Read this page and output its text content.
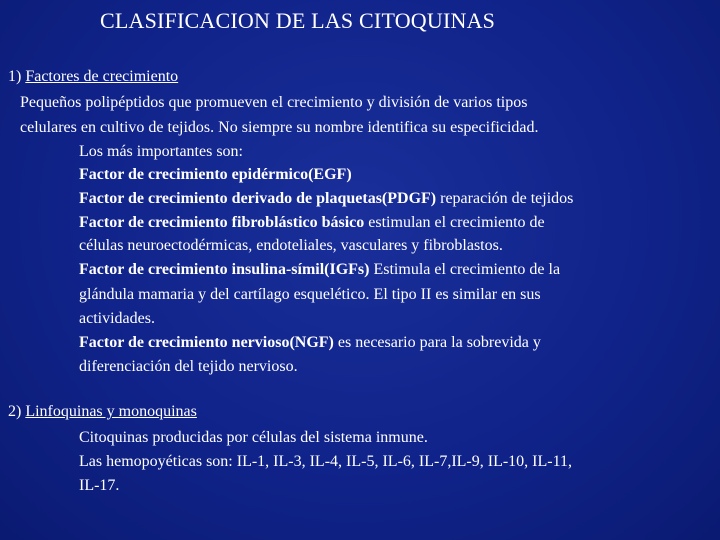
CLASIFICACION DE LAS CITOQUINAS
1) Factores de crecimiento
Pequeños polipéptidos que promueven el crecimiento y división de varios tipos
celulares en cultivo de tejidos. No siempre su nombre identifica su especificidad.
Los más importantes son:
Factor de crecimiento epidérmico(EGF)
Factor de crecimiento derivado de plaquetas(PDGF) reparación de tejidos
Factor de crecimiento fibroblástico básico estimulan el crecimiento de
células neuroectodérmicas, endoteliales, vasculares y fibroblastos.
Factor de crecimiento insulina-símil(IGFs) Estimula el crecimiento de la
glándula mamaria y del cartílago esquelético. El tipo II es similar en sus
actividades.
Factor de crecimiento nervioso(NGF) es necesario para la sobrevida y
diferenciación del tejido nervioso.
2) Linfoquinas y monoquinas
Citoquinas producidas por células del sistema inmune.
Las hemopoyéticas son: IL-1, IL-3, IL-4, IL-5, IL-6, IL-7,IL-9, IL-10, IL-11,
IL-17.
